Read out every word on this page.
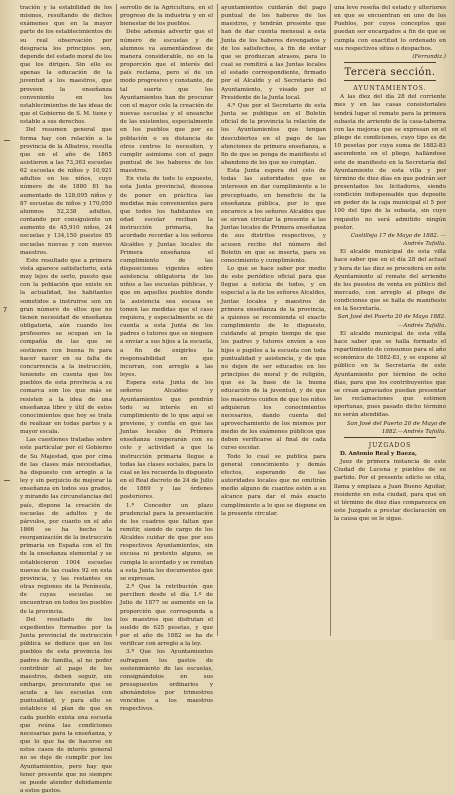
7

tración y la estabilidad de los mismos, resultando de dichos exámenes que en la mayor parte de los establecimientos de su real observación por desgracia los principios son, depende del estado moral de los que los dirigen. Sin ello es apenas la educación de la juventud a los maestros, que proveen la enseñanza conveniente en los establecimientos de las ideas de que el Gobierno de S. M. tiene y estable a sus derechos.

Del resumen general que forma hay con relación a la provincia de la Albatros, resulta que en el año de 1865 asistieron a las 73,363 escuelas 62 escuelas de niños y 10,921 adultos en los niños, cuyo número de de 1880 81 ha aumentado de 128,095 niños y 87 escuelas de niños y 170,050 alumnos 52,238 adultos, contando por consiguiente un aumento de 45,910 niños, 24 escuelas y 134,150 puestos 85 escuelas nuevas y con nuevos maestros.

Este resultado que a primera vista aparece satisfactorio, está muy lejos de serlo, puesto que con la población que existe en la actualidad, los habitantes sometidos a instruirse son un gran número de ellos que no tienen necesidad de enseñanza obligatoria, aún cuando los profesores se ocupan en la compañía de las que se sostienen con buena fe para hacer nacer en su falta de concurrencia a la instrucción, teniendo en cuenta que los pueblos de esta provincia a su comarca son los que más se resisten a la idea de una enseñanza libre y útil de estos conocimientos que hoy se trata de realizar en todas partes y a mayor escala.

Las cuestiones tratadas sobre este particular por el Gobierno de Su Majestad, que por cima de las clases más necesitadas, ha dispuesto con arreglo a la ley y sin perjuicio de mejorar la enseñanza en todos sus grados, y mirando las circunstancias del país, dispone la creación de escuelas de adultos y de párvulos, por cuanto en el año 1866 se ha hecho la reorganización de la instrucción primaria en España con el fin de la enseñanza elemental y se establecieron 1004 escuelas nuevas de las cuales 92 en esta provincia, y las restantes en otras regiones de la Península, de cuyas escuelas se encuentran en todos los pueblos de la provincia.

Del resultado de los expedientes formados por la Junta provincial de instrucción pública se deduce que en los pueblos de esta provincia los padres de familia, al no poder contribuir al pago de los maestros, deben seguir, sin embargo, procurando que se acuda a las escuelas con puntualidad, y para ello se establece el plan de que en cada pueblo exista una escuela que reúna las condiciones necesarias para la enseñanza, y que lo que ha de hacerse en estos casos de interés general no se deje de cumplir por los Ayuntamientos, pero hay que tener presente que no siempre se puede atender debidamente a estos gastos.

serrollo de la Agricultura, en el progreso de la industria y en el bienestar de los pueblos.

Debe además advertir que el número de escuelas y de alumnos va aumentándose de manera considerable, no en la proporción que el interés del país reclama, pero sí de un modo progresivo y constante, de tal suerte que los Ayuntamientos han de procurar con el mayor celo la creación de nuevas escuelas y el ensanche de las existentes, especialmente en los pueblos que por su población o su distancia de otros centros lo necesiten, y cumplir asimismo con el pago puntual de los haberes de los maestros.

En vista de todo lo expuesto, esta Junta provincial, deseosa de poner en práctica las medidas más convenientes para que todos los habitantes en edad escolar reciban la instrucción primaria, ha acordado recordar a los señores Alcaldes y Juntas locales de Primera enseñanza el cumplimiento de las disposiciones vigentes sobre asistencia obligatoria de los niños a las escuelas públicas, y que en aquellos pueblos donde la asistencia sea escasa se tomen las medidas que el caso requiera, y especialmente se dé cuenta a esta Junta de los padres o tutores que se nieguen a enviar a sus hijos a la escuela, a fin de exigirles la responsabilidad en que incurran, con arreglo a las leyes.

Espera esta Junta de los señores Alcaldes y Ayuntamientos que pondrán todo su interés en el cumplimiento de lo que aquí se previene, y confía en que las Juntas locales de Primera enseñanza cooperarán con su celo y actividad a que la instrucción primaria llegue a todas las clases sociales, para lo cual se les recuerda lo dispuesto en el Real decreto de 24 de Julio de 1869 y las órdenes posteriores.

1.ª Conceder un plazo prudencial para la presentación de los cuadros que faltan que remitir, siendo de cargo de los Alcaldes cuidar de que por sus respectivos Ayuntamientos, sin excusa ni pretexto alguno, se cumpla lo acordado y se remitan a esta Junta los documentos que se expresan.

2.ª Que la retribución que perciben desde el día 1.º de Julio de 1877 se aumente en la proporción que corresponda a los maestros que disfrutan el sueldo de 625 pesetas, y que por el año de 1882 se ha de verificar con arreglo a la ley.

3.ª Que los Ayuntamientos sufraguen los gastos de sostenimiento de las escuelas, consignándolos en sus presupuestos ordinarios y abonándolos por trimestres vencidos a los maestros respectivos.

ayuntamientos cuidarán del pago puntual de los haberes de los maestros, y tendrán presente que han de dar cuenta mensual a esta Junta de los haberes devengados y de los satisfechos, a fin de evitar que se produzcan atrasos, para lo cual se remitirá a las Juntas locales el estado correspondiente, firmado por el Alcalde y el Secretario del Ayuntamiento, y visado por el Presidente de la Junta local.

4.ª Que por el Secretario de esta Junta se publique en el Boletín oficial de la provincia la relación de los Ayuntamientos que tengan descubiertos en el pago de las atenciones de primera enseñanza, a fin de que se ponga de manifiesto el abandono de los que no cumplan.

Esta Junta espera del celo de todas las autoridades que se interesen en dar cumplimiento a lo preceptuado, en beneficio de la enseñanza pública, por lo que encarece a los señores Alcaldes que se sirvan circular la presente a las Juntas locales de Primera enseñanza de sus distritos respectivos, y acusen recibo del número del Boletín en que se inserta, para su conocimiento y cumplimiento.

Lo que se hace saber por medio de este periódico oficial para que llegue a noticia de todos, y en especial a la de los señores Alcaldes, Juntas locales y maestros de primera enseñanza de la provincia, a quienes se recomienda el exacto cumplimiento de lo dispuesto, cuidando al propio tiempo de que los padres y tutores envíen a sus hijos o pupilos a la escuela con toda puntualidad y asistencia, y de que no dejen de ser educados en los principios de moral y de religión, que es la base de la buena educación de la juventud, y de que los maestros cuiden de que los niños adquieran los conocimientos necesarios, dando cuenta del aprovechamiento de los mismos por medio de los exámenes públicos que deben verificarse al final de cada curso escolar.

Todo lo cual se publica para general conocimiento y demás efectos, esperando de las autoridades locales que no omitirán medio alguno de cuantos estén a su alcance para dar el más exacto cumplimiento a lo que se dispone en la presente circular.

una leve reseña del estado y ulteriores en que se encuentran en uno de los Pueblos, por cuyos conceptos que puedan ser encargados a fin de que se cumpla con exactitud lo ordenado en sus respectivos sitios o despachos.

(Ferrandiz.)

Tercera sección.

AYUNTAMIENTOS.

A las diez del día 28 del corriente mes y en las casas consistoriales tendrá lugar el remate para la primera subasta de arriendo de la casa-taberna con las mejoras que se expresan en el pliego de condiciones, cuyo tipo es de 10 pesetas por cuya suma de 1882-83 ascendente en el pliego, hallándose este de manifiesto en la Secretaría del Ayuntamiento de esta villa y por término de diez días en que podrán ser presentados los licitadores, siendo condición indispensable que deposite en poder de la caja municipal el 5 por 100 del tipo de la subasta, sin cuyo requisito no será admitido ningún postor.

Castilleja 17 de Mayo de 1882. —Andrés Tafolla.

El alcalde municipal de esta villa hace saber que en el día 28 del actual y hora de las diez se procederá en este Ayuntamiento al remate del arriendo de los puestos de venta en público del mercado, con arreglo al pliego de condiciones que se halla de manifiesto en la Secretaría.

San José del Puerto 20 de Mayo 1882.—Andrés Tafolla.

El alcalde municipal de esta villa hace saber que se halla formado el repartimiento de consumos para el año económico de 1882-83, y se expone al público en la Secretaría de este Ayuntamiento por término de ocho días, para que los contribuyentes que se crean agraviados puedan presentar las reclamaciones que estimen oportunas, pues pasado dicho término no serán atendidas.

San José del Puerto 20 de Mayo de 1882.—Andrés Tafolla.

JUZGADOS

D. Antonio Real y Baeza,

Juez de primera instancia de este Ciudad de Lucena y pueblos de su partido. Por el presente edicto se cita, llama y emplaza a Juan Bueno Aguilar, residente en esta ciudad, para que en el término de diez días comparezca en este Juzgado a prestar declaración en la causa que se le sigue.
